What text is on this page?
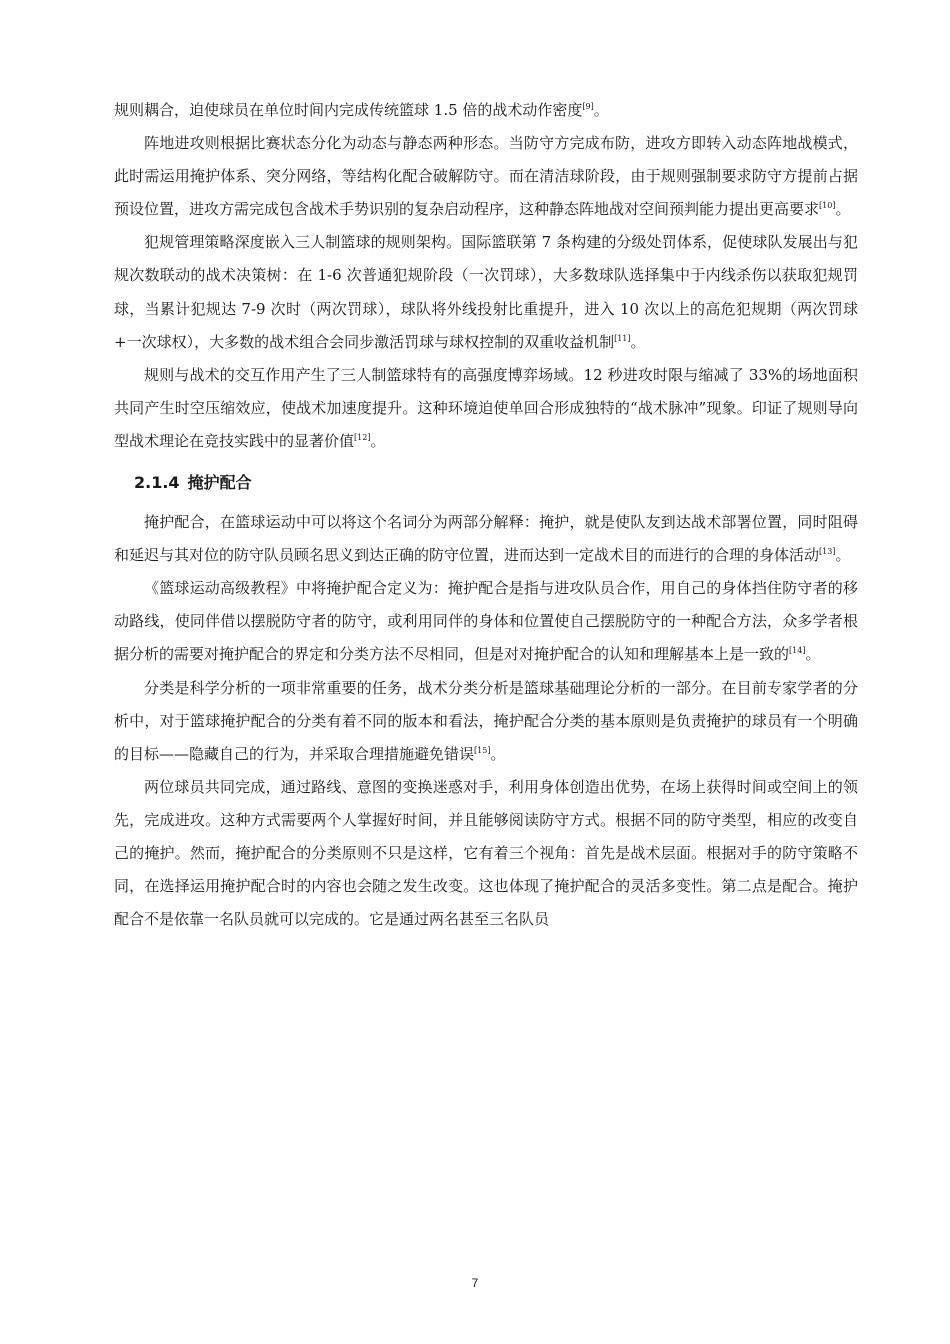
规则耦合，迫使球员在单位时间内完成传统篮球 1.5 倍的战术动作密度[9]。

阵地进攻则根据比赛状态分化为动态与静态两种形态。当防守方完成布防，进攻方即转入动态阵地战模式，此时需运用掩护体系、突分网络，等结构化配合破解防守。而在清洁球阶段，由于规则强制要求防守方提前占据预设位置，进攻方需完成包含战术手势识别的复杂启动程序，这种静态阵地战对空间预判能力提出更高要求[10]。

犯规管理策略深度嵌入三人制篮球的规则架构。国际篮联第 7 条构建的分级处罚体系，促使球队发展出与犯规次数联动的战术决策树：在 1-6 次普通犯规阶段（一次罚球），大多数球队选择集中于内线杀伤以获取犯规罚球，当累计犯规达 7-9 次时（两次罚球），球队将外线投射比重提升，进入 10 次以上的高危犯规期（两次罚球+一次球权），大多数的战术组合会同步激活罚球与球权控制的双重收益机制[11]。

规则与战术的交互作用产生了三人制篮球特有的高强度博弈场域。12 秒进攻时限与缩减了 33%的场地面积共同产生时空压缩效应，使战术加速度提升。这种环境迫使单回合形成独特的“战术脉冲”现象。印证了规则导向型战术理论在竞技实践中的显著价值[12]。

2.1.4 掩护配合

掩护配合，在篮球运动中可以将这个名词分为两部分解释：掩护，就是使队友到达战术部署位置，同时阻碍和延迟与其对位的防守队员顾名思义到达正确的防守位置，进而达到一定战术目的而进行的合理的身体活动[13]。

《篮球运动高级教程》中将掩护配合定义为：掩护配合是指与进攻队员合作，用自己的身体挡住防守者的移动路线，使同伴借以摆脱防守者的防守，或利用同伴的身体和位置使自己摆脱防守的一种配合方法，众多学者根据分析的需要对掩护配合的界定和分类方法不尽相同，但是对对掩护配合的认知和理解基本上是一致的[14]。

分类是科学分析的一项非常重要的任务，战术分类分析是篮球基础理论分析的一部分。在目前专家学者的分析中，对于篮球掩护配合的分类有着不同的版本和看法，掩护配合分类的基本原则是负责掩护的球员有一个明确的目标——隐藏自己的行为，并采取合理措施避免错误[15]。

两位球员共同完成，通过路线、意图的变换迷惑对手，利用身体创造出优势，在场上获得时间或空间上的领先，完成进攻。这种方式需要两个人掌握好时间，并且能够阅读防守方式。根据不同的防守类型，相应的改变自己的掩护。然而，掩护配合的分类原则不只是这样，它有着三个视角：首先是战术层面。根据对手的防守策略不同，在选择运用掩护配合时的内容也会随之发生改变。这也体现了掩护配合的灵活多变性。第二点是配合。掩护配合不是依靠一名队员就可以完成的。它是通过两名甚至三名队员

7
